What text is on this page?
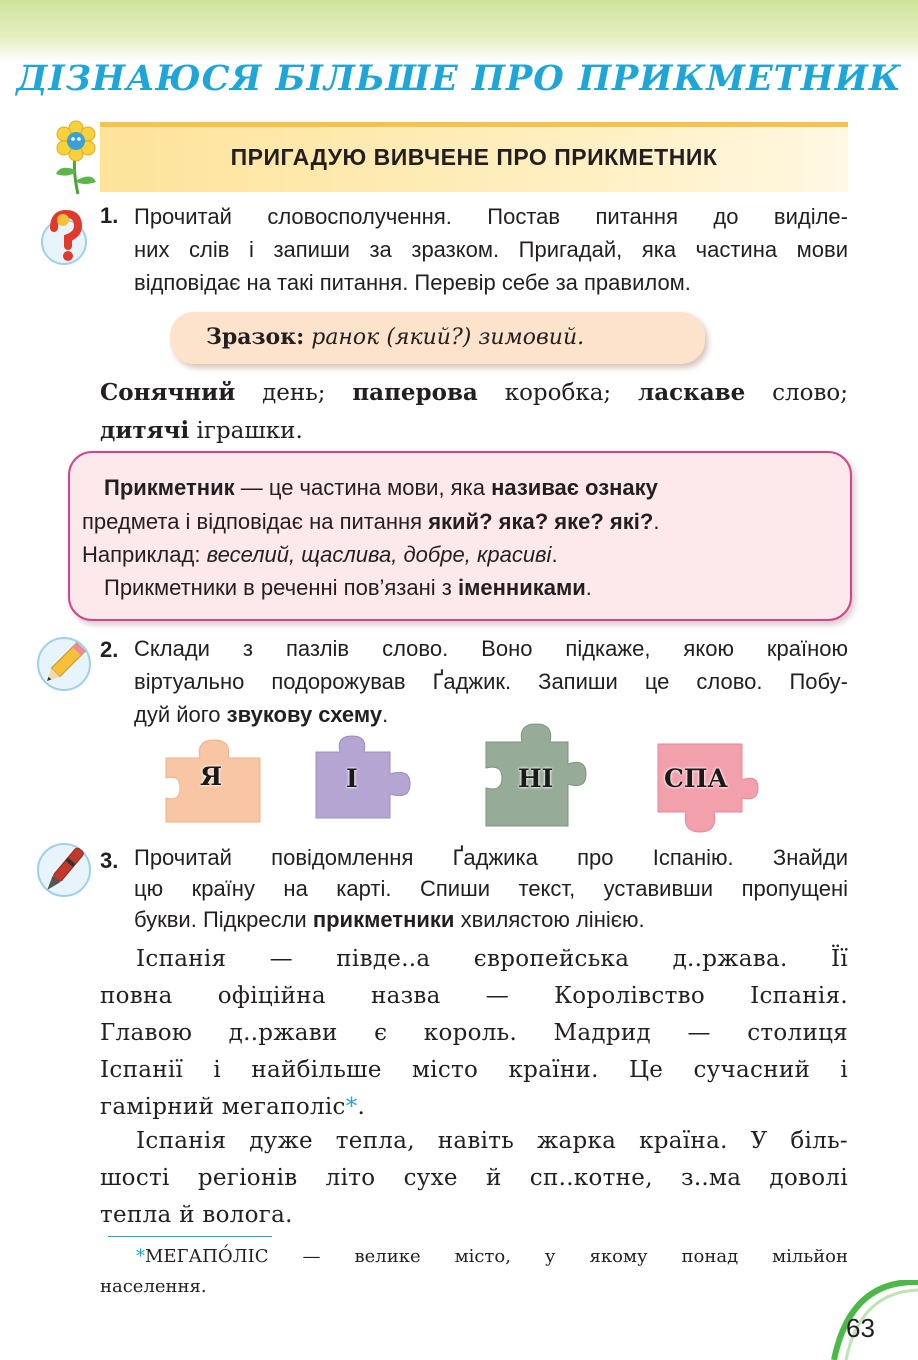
ДІЗНАЮСЯ БІЛЬШЕ ПРО ПРИКМЕТНИК
ПРИГАДУЮ ВИВЧЕНЕ ПРО ПРИКМЕТНИК
1. Прочитай словосполучення. Постав питання до виділе-
них слів і запиши за зразком. Пригадай, яка частина мови
відповідає на такі питання. Перевір себе за правилом.
Зразок: ранок (який?) зимовий.
Сонячний день; паперова коробка; ласкаве слово;
дитячі іграшки.
Прикметник — це частина мови, яка називає ознаку
предмета і відповідає на питання який? яка? яке? які?.
Наприклад: веселий, щаслива, добре, красиві.
Прикметники в реченні пов’язані з іменниками.
2. Склади з пазлів слово. Воно підкаже, якою країною
віртуально подорожував Ґаджик. Запиши це слово. Побу-
дуй його звукову схему.
Я	І	НІ	СПА
3. Прочитай повідомлення Ґаджика про Іспанію. Знайди
цю країну на карті. Спиши текст, уставивши пропущені
букви. Підкресли прикметники хвилястою лінією.
Іспанія — півде..а європейська д..ржава. Її
повна офіційна назва — Королівство Іспанія.
Главою д..ржави є король. Мадрид — столиця
Іспанії і найбільше місто країни. Це сучасний і
гамірний мегаполіс*.
Іспанія дуже тепла, навіть жарка країна. У біль-
шості регіонів літо сухе й сп..котне, з..ма доволі
тепла й волога.
*МЕГАПО́ЛІС — велике місто, у якому понад мільйон
населення.
63
